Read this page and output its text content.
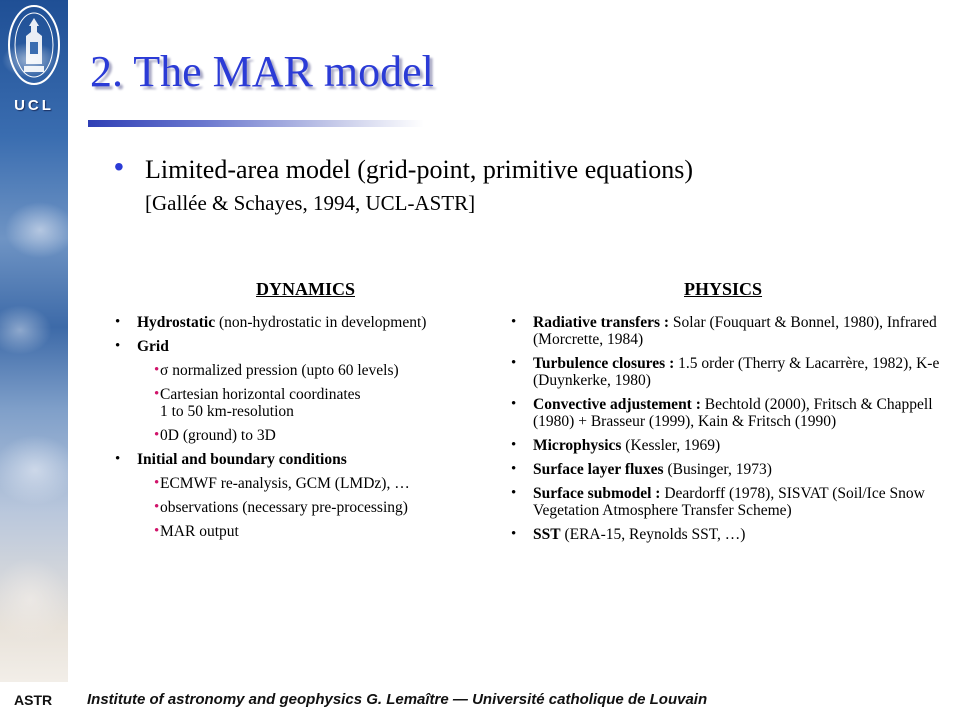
UCL
2. The MAR model
• Limited-area model (grid-point, primitive equations)
[Gallée & Schayes, 1994, UCL-ASTR]
DYNAMICS	PHYSICS
• Hydrostatic (non-hydrostatic in development)
• Grid
• σ normalized pression (upto 60 levels)
• Cartesian horizontal coordinates
1 to 50 km-resolution
• 0D (ground) to 3D
• Initial and boundary conditions
• ECMWF re-analysis, GCM (LMDz), …
• observations (necessary pre-processing)
• MAR output
• Radiative transfers : Solar (Fouquart & Bonnel, 1980), Infrared (Morcrette, 1984)
• Turbulence closures : 1.5 order (Therry & Lacarrère, 1982), K-e (Duynkerke, 1980)
• Convective adjustement : Bechtold (2000), Fritsch & Chappell (1980) + Brasseur (1999), Kain & Fritsch (1990)
• Microphysics (Kessler, 1969)
• Surface layer fluxes (Businger, 1973)
• Surface submodel : Deardorff (1978), SISVAT (Soil/Ice Snow Vegetation Atmosphere Transfer Scheme)
• SST (ERA-15, Reynolds SST, …)
ASTR Institute of astronomy and geophysics G. Lemaître — Université catholique de Louvain
